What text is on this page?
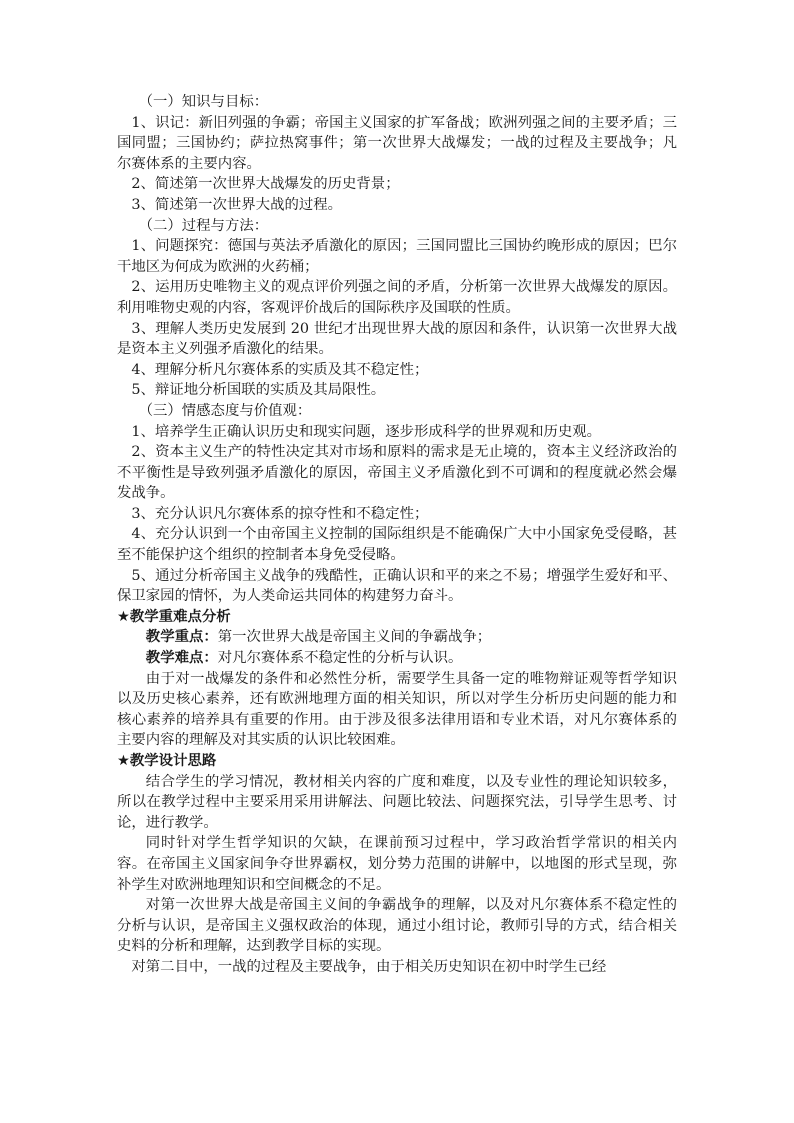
（一）知识与目标：

1、识记：新旧列强的争霸；帝国主义国家的扩军备战；欧洲列强之间的主要矛盾；三国同盟；三国协约；萨拉热窝事件；第一次世界大战爆发；一战的过程及主要战争；凡尔赛体系的主要内容。

2、简述第一次世界大战爆发的历史背景；

3、简述第一次世界大战的过程。

（二）过程与方法：

1、问题探究：德国与英法矛盾激化的原因；三国同盟比三国协约晚形成的原因；巴尔干地区为何成为欧洲的火药桶；

2、运用历史唯物主义的观点评价列强之间的矛盾，分析第一次世界大战爆发的原因。利用唯物史观的内容，客观评价战后的国际秩序及国联的性质。

3、理解人类历史发展到 20 世纪才出现世界大战的原因和条件，认识第一次世界大战是资本主义列强矛盾激化的结果。

4、理解分析凡尔赛体系的实质及其不稳定性；

5、辩证地分析国联的实质及其局限性。

（三）情感态度与价值观：

1、培养学生正确认识历史和现实问题，逐步形成科学的世界观和历史观。

2、资本主义生产的特性决定其对市场和原料的需求是无止境的，资本主义经济政治的不平衡性是导致列强矛盾激化的原因，帝国主义矛盾激化到不可调和的程度就必然会爆发战争。

3、充分认识凡尔赛体系的掠夺性和不稳定性；

4、充分认识到一个由帝国主义控制的国际组织是不能确保广大中小国家免受侵略，甚至不能保护这个组织的控制者本身免受侵略。

5、通过分析帝国主义战争的残酷性，正确认识和平的来之不易；增强学生爱好和平、保卫家园的情怀，为人类命运共同体的构建努力奋斗。

★教学重难点分析

教学重点：第一次世界大战是帝国主义间的争霸战争；

教学难点：对凡尔赛体系不稳定性的分析与认识。

由于对一战爆发的条件和必然性分析，需要学生具备一定的唯物辩证观等哲学知识以及历史核心素养，还有欧洲地理方面的相关知识，所以对学生分析历史问题的能力和核心素养的培养具有重要的作用。由于涉及很多法律用语和专业术语，对凡尔赛体系的主要内容的理解及对其实质的认识比较困难。

★教学设计思路

结合学生的学习情况，教材相关内容的广度和难度，以及专业性的理论知识较多，所以在教学过程中主要采用采用讲解法、问题比较法、问题探究法，引导学生思考、讨论，进行教学。

同时针对学生哲学知识的欠缺，在课前预习过程中，学习政治哲学常识的相关内容。在帝国主义国家间争夺世界霸权，划分势力范围的讲解中，以地图的形式呈现，弥补学生对欧洲地理知识和空间概念的不足。

对第一次世界大战是帝国主义间的争霸战争的理解，以及对凡尔赛体系不稳定性的分析与认识，是帝国主义强权政治的体现，通过小组讨论，教师引导的方式，结合相关史料的分析和理解，达到教学目标的实现。

对第二目中，一战的过程及主要战争，由于相关历史知识在初中时学生已经
